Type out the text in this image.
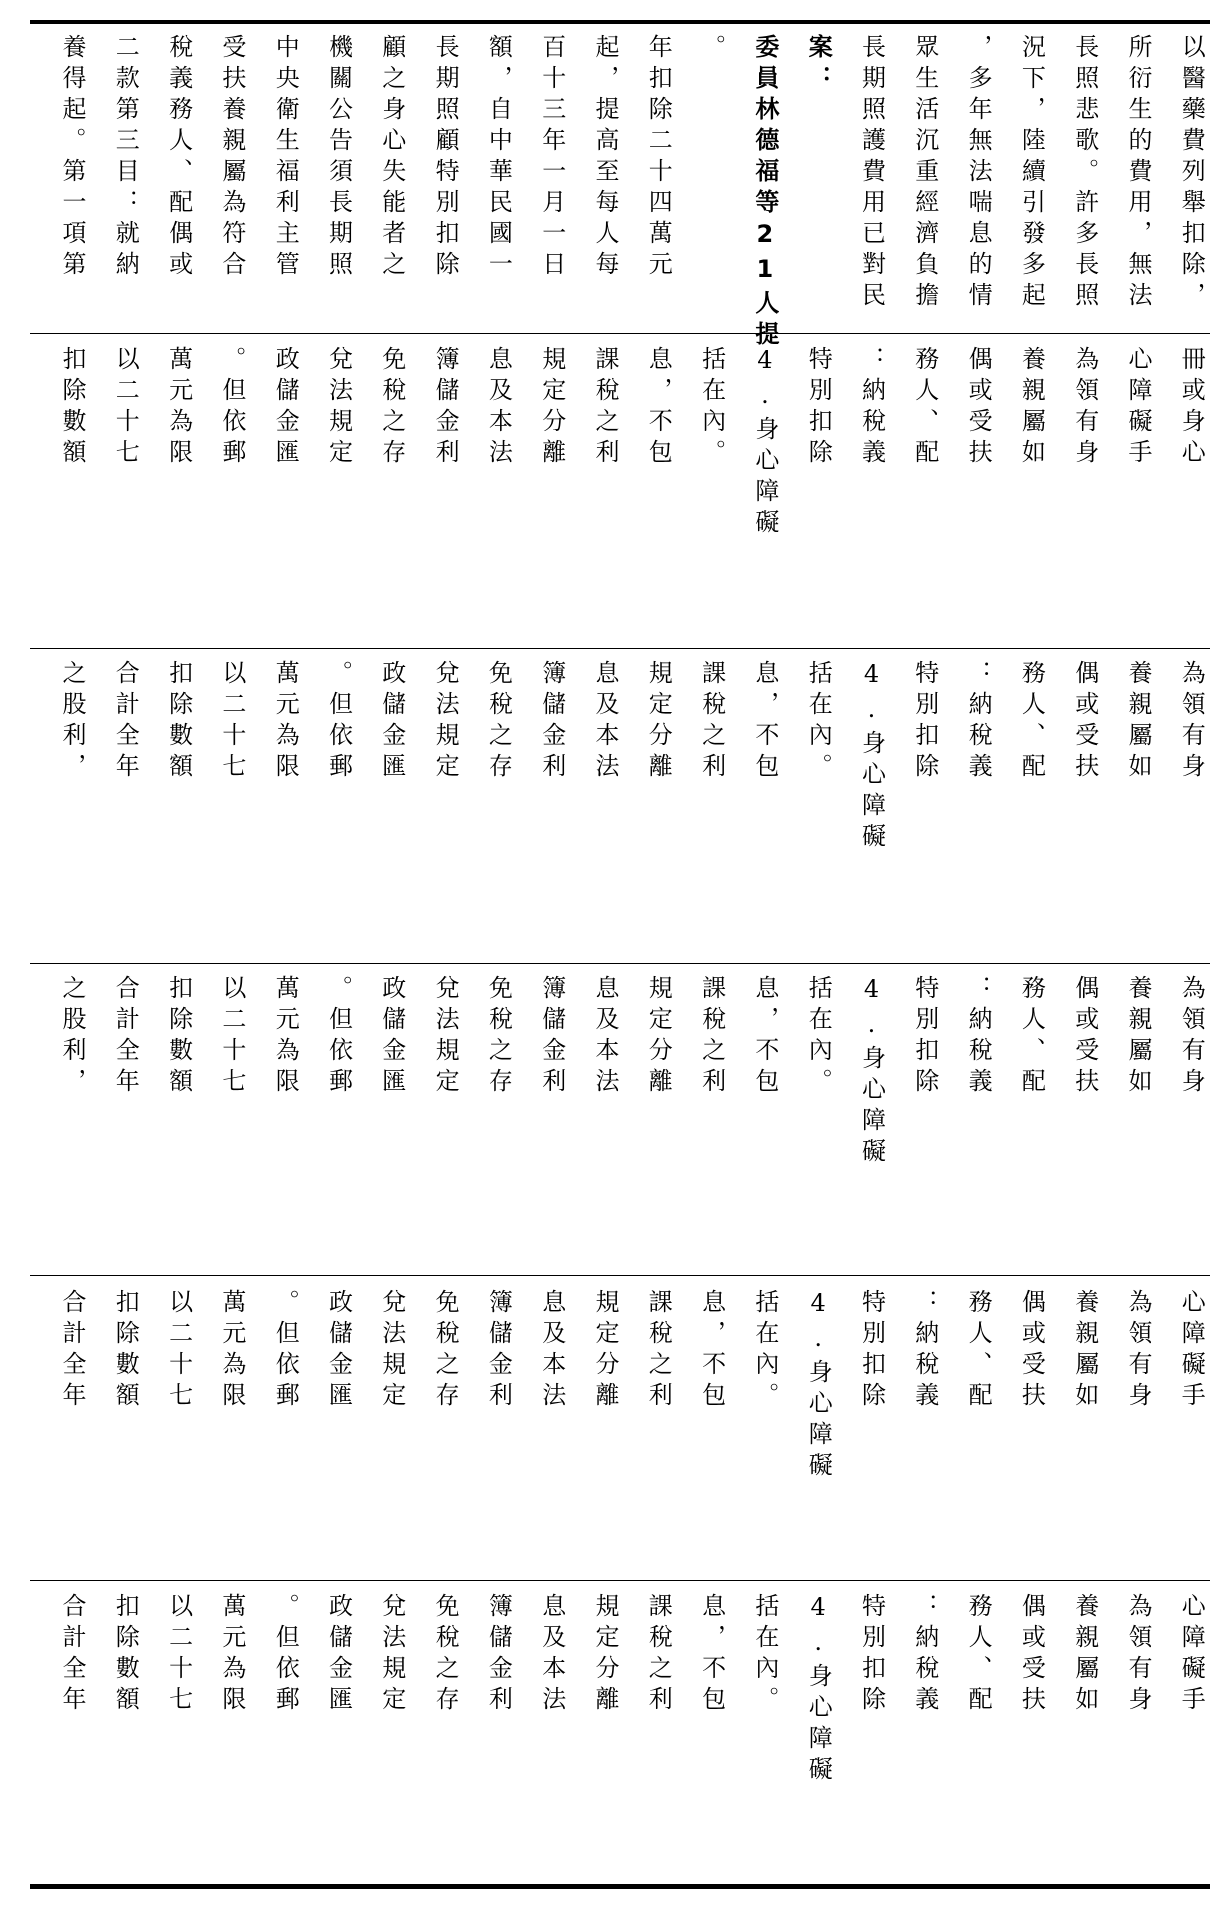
養得起。第一項第 二款第三目：就納 稅義務人、配偶或 受扶養親屬為符合 中央衛生福利主管 機關公告須長期照 顧之身心失能者之 長期照顧特別扣除 額，自中華民國一 百十三年一月一日 起，提高至每人每 年扣除二十四萬元 。 委員林德福等21人提 案： 長期照護費用已對民 眾生活沉重經濟負擔 ，多年無法喘息的情 況下，陸續引發多起 長照悲歌。許多長照 所衍生的費用，無法 以醫藥費列舉扣除，
扣除數額 以二十七 萬元為限 。但依郵 政儲金匯 兌法規定 免稅之存 簿儲金利 息及本法 規定分離 課稅之利 息，不包 括在內。 4.身心障礙 特別扣除 ：納稅義 務人、配 偶或受扶 養親屬如 為領有身 心障礙手 冊或身心
之股利， 合計全年 扣除數額 以二十七 萬元為限 。但依郵 政儲金匯 兌法規定 免稅之存 簿儲金利 息及本法 規定分離 課稅之利 息，不包 括在內。 4.身心障礙 特別扣除 ：納稅義 務人、配 偶或受扶 養親屬如 為領有身
之股利， 合計全年 扣除數額 以二十七 萬元為限 。但依郵 政儲金匯 兌法規定 免稅之存 簿儲金利 息及本法 規定分離 課稅之利 息，不包 括在內。 4.身心障礙 特別扣除 ：納稅義 務人、配 偶或受扶 養親屬如 為領有身
合計全年 扣除數額 以二十七 萬元為限 。但依郵 政儲金匯 兌法規定 免稅之存 簿儲金利 息及本法 規定分離 課稅之利 息，不包 括在內。 4.身心障礙 特別扣除 ：納稅義 務人、配 偶或受扶 養親屬如 為領有身 心障礙手
合計全年 扣除數額 以二十七 萬元為限 。但依郵 政儲金匯 兌法規定 免稅之存 簿儲金利 息及本法 規定分離 課稅之利 息，不包 括在內。 4.身心障礙 特別扣除 ：納稅義 務人、配 偶或受扶 養親屬如 為領有身 心障礙手
